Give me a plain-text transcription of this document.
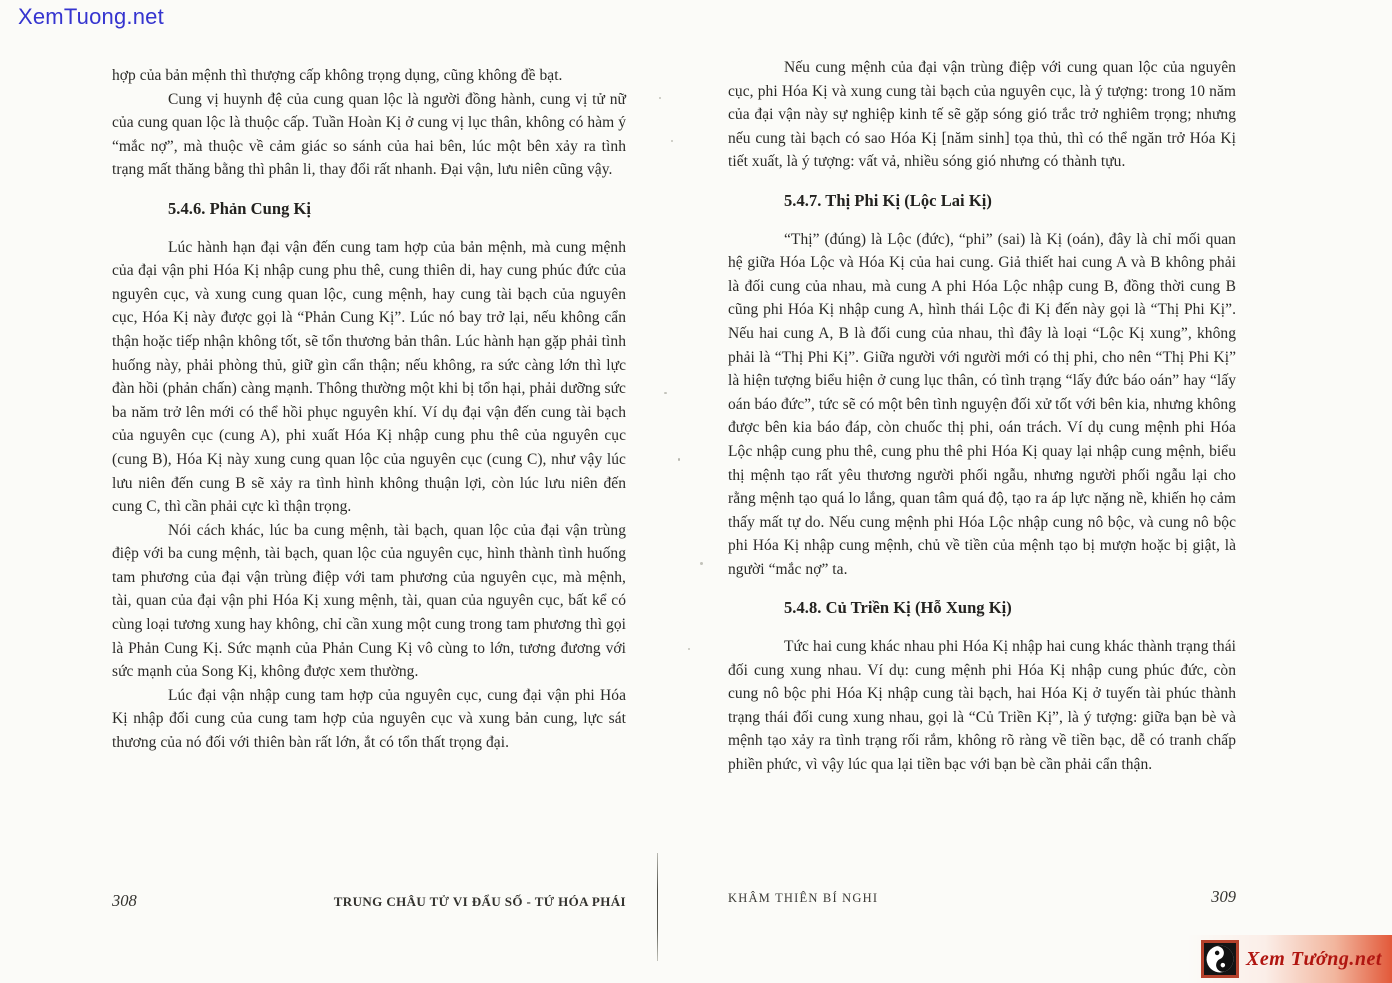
XemTuong.net

hợp của bản mệnh thì thượng cấp không trọng dụng, cũng không đề bạt.

Cung vị huynh đệ của cung quan lộc là người đồng hành, cung vị tử nữ của cung quan lộc là thuộc cấp. Tuần Hoàn Kị ở cung vị lục thân, không có hàm ý “mắc nợ”, mà thuộc về cảm giác so sánh của hai bên, lúc một bên xảy ra tình trạng mất thăng bằng thì phân li, thay đổi rất nhanh. Đại vận, lưu niên cũng vậy.

5.4.6. Phản Cung Kị

Lúc hành hạn đại vận đến cung tam hợp của bản mệnh, mà cung mệnh của đại vận phi Hóa Kị nhập cung phu thê, cung thiên di, hay cung phúc đức của nguyên cục, và xung cung quan lộc, cung mệnh, hay cung tài bạch của nguyên cục, Hóa Kị này được gọi là “Phản Cung Kị”. Lúc nó bay trở lại, nếu không cẩn thận hoặc tiếp nhận không tốt, sẽ tổn thương bản thân. Lúc hành hạn gặp phải tình huống này, phải phòng thủ, giữ gìn cẩn thận; nếu không, ra sức càng lớn thì lực đàn hồi (phản chấn) càng mạnh. Thông thường một khi bị tổn hại, phải dưỡng sức ba năm trở lên mới có thể hồi phục nguyên khí. Ví dụ đại vận đến cung tài bạch của nguyên cục (cung A), phi xuất Hóa Kị nhập cung phu thê của nguyên cục (cung B), Hóa Kị này xung cung quan lộc của nguyên cục (cung C), như vậy lúc lưu niên đến cung B sẽ xảy ra tình hình không thuận lợi, còn lúc lưu niên đến cung C, thì cần phải cực kì thận trọng.

Nói cách khác, lúc ba cung mệnh, tài bạch, quan lộc của đại vận trùng điệp với ba cung mệnh, tài bạch, quan lộc của nguyên cục, hình thành tình huống tam phương của đại vận trùng điệp với tam phương của nguyên cục, mà mệnh, tài, quan của đại vận phi Hóa Kị xung mệnh, tài, quan của nguyên cục, bất kể có cùng loại tương xung hay không, chỉ cần xung một cung trong tam phương thì gọi là Phản Cung Kị. Sức mạnh của Phản Cung Kị vô cùng to lớn, tương đương với sức mạnh của Song Kị, không được xem thường.

Lúc đại vận nhập cung tam hợp của nguyên cục, cung đại vận phi Hóa Kị nhập đối cung của cung tam hợp của nguyên cục và xung bản cung, lực sát thương của nó đối với thiên bàn rất lớn, ắt có tổn thất trọng đại.

308	TRUNG CHÂU TỬ VI ĐẨU SỐ - TỨ HÓA PHÁI

Nếu cung mệnh của đại vận trùng điệp với cung quan lộc của nguyên cục, phi Hóa Kị và xung cung tài bạch của nguyên cục, là ý tượng: trong 10 năm của đại vận này sự nghiệp kinh tế sẽ gặp sóng gió trắc trở nghiêm trọng; nhưng nếu cung tài bạch có sao Hóa Kị [năm sinh] tọa thủ, thì có thể ngăn trở Hóa Kị tiết xuất, là ý tượng: vất vả, nhiều sóng gió nhưng có thành tựu.

5.4.7. Thị Phi Kị (Lộc Lai Kị)

“Thị” (đúng) là Lộc (đức), “phi” (sai) là Kị (oán), đây là chỉ mối quan hệ giữa Hóa Lộc và Hóa Kị của hai cung. Giả thiết hai cung A và B không phải là đối cung của nhau, mà cung A phi Hóa Lộc nhập cung B, đồng thời cung B cũng phi Hóa Kị nhập cung A, hình thái Lộc đi Kị đến này gọi là “Thị Phi Kị”. Nếu hai cung A, B là đối cung của nhau, thì đây là loại “Lộc Kị xung”, không phải là “Thị Phi Kị”. Giữa người với người mới có thị phi, cho nên “Thị Phi Kị” là hiện tượng biểu hiện ở cung lục thân, có tình trạng “lấy đức báo oán” hay “lấy oán báo đức”, tức sẽ có một bên tình nguyện đối xử tốt với bên kia, nhưng không được bên kia báo đáp, còn chuốc thị phi, oán trách. Ví dụ cung mệnh phi Hóa Lộc nhập cung phu thê, cung phu thê phi Hóa Kị quay lại nhập cung mệnh, biểu thị mệnh tạo rất yêu thương người phối ngẫu, nhưng người phối ngẫu lại cho rằng mệnh tạo quá lo lắng, quan tâm quá độ, tạo ra áp lực nặng nề, khiến họ cảm thấy mất tự do. Nếu cung mệnh phi Hóa Lộc nhập cung nô bộc, và cung nô bộc phi Hóa Kị nhập cung mệnh, chủ về tiền của mệnh tạo bị mượn hoặc bị giật, là người “mắc nợ” ta.

5.4.8. Củ Triền Kị (Hỗ Xung Kị)

Tức hai cung khác nhau phi Hóa Kị nhập hai cung khác thành trạng thái đối cung xung nhau. Ví dụ: cung mệnh phi Hóa Kị nhập cung phúc đức, còn cung nô bộc phi Hóa Kị nhập cung tài bạch, hai Hóa Kị ở tuyến tài phúc thành trạng thái đối cung xung nhau, gọi là “Củ Triền Kị”, là ý tượng: giữa bạn bè và mệnh tạo xảy ra tình trạng rối rắm, không rõ ràng về tiền bạc, dễ có tranh chấp phiền phức, vì vậy lúc qua lại tiền bạc với bạn bè cần phải cẩn thận.

KHÂM THIÊN BÍ NGHI	309
Xem Tướng.net
